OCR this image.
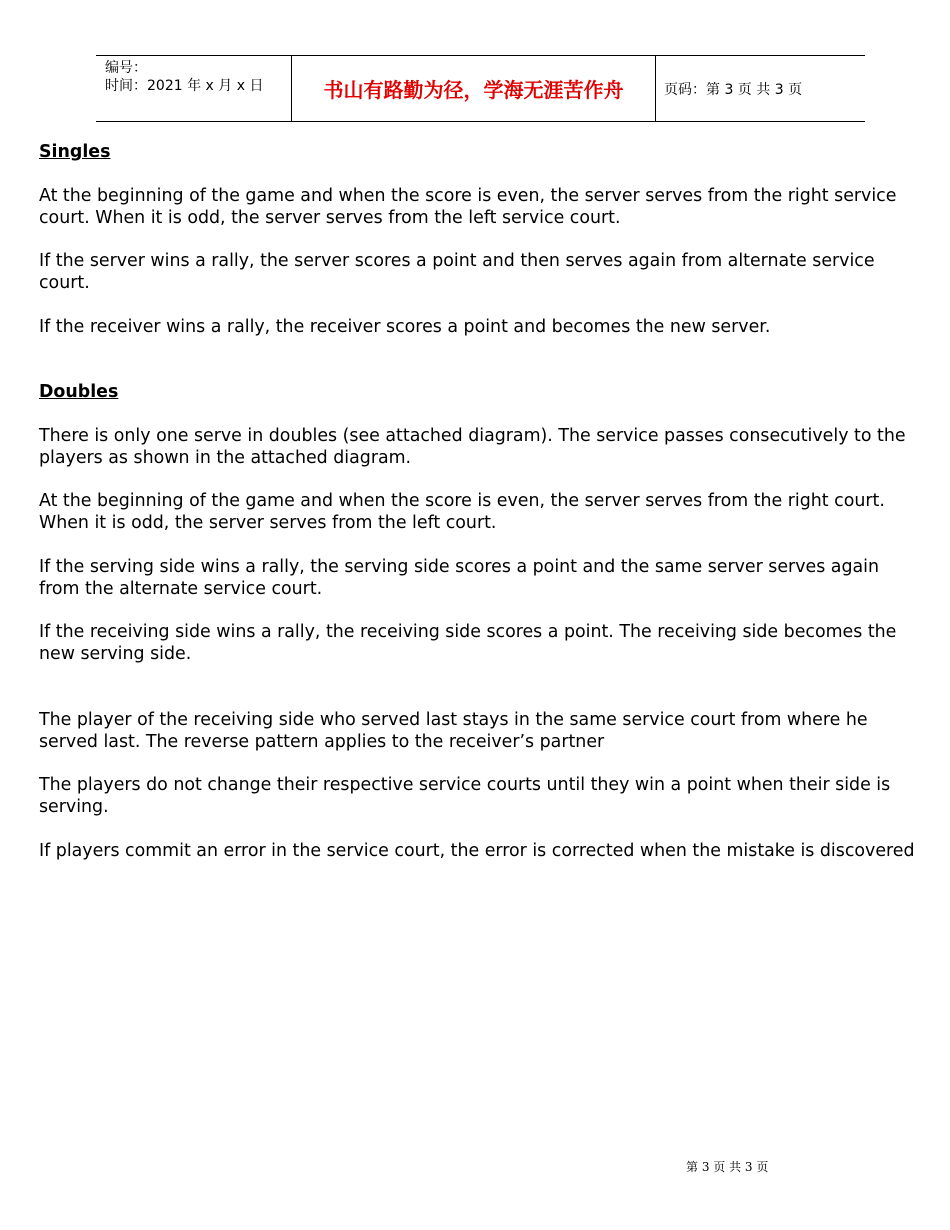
编号：
时间：2021 年 x 月 x 日	书山有路勤为径，学海无涯苦作舟	页码：第 3 页 共 3 页

Singles

At the beginning of the game and when the score is even, the server serves from the right service court. When it is odd, the server serves from the left service court.

If the server wins a rally, the server scores a point and then serves again from alternate service court.

If the receiver wins a rally, the receiver scores a point and becomes the new server.

Doubles

There is only one serve in doubles (see attached diagram). The service passes consecutively to the players as shown in the attached diagram.

At the beginning of the game and when the score is even, the server serves from the right court. When it is odd, the server serves from the left court.

If the serving side wins a rally, the serving side scores a point and the same server serves again from the alternate service court.

If the receiving side wins a rally, the receiving side scores a point. The receiving side becomes the new serving side.

The player of the receiving side who served last stays in the same service court from where he served last. The reverse pattern applies to the receiver’s partner

The players do not change their respective service courts until they win a point when their side is serving.

If players commit an error in the service court, the error is corrected when the mistake is discovered

第 3 页 共 3 页
